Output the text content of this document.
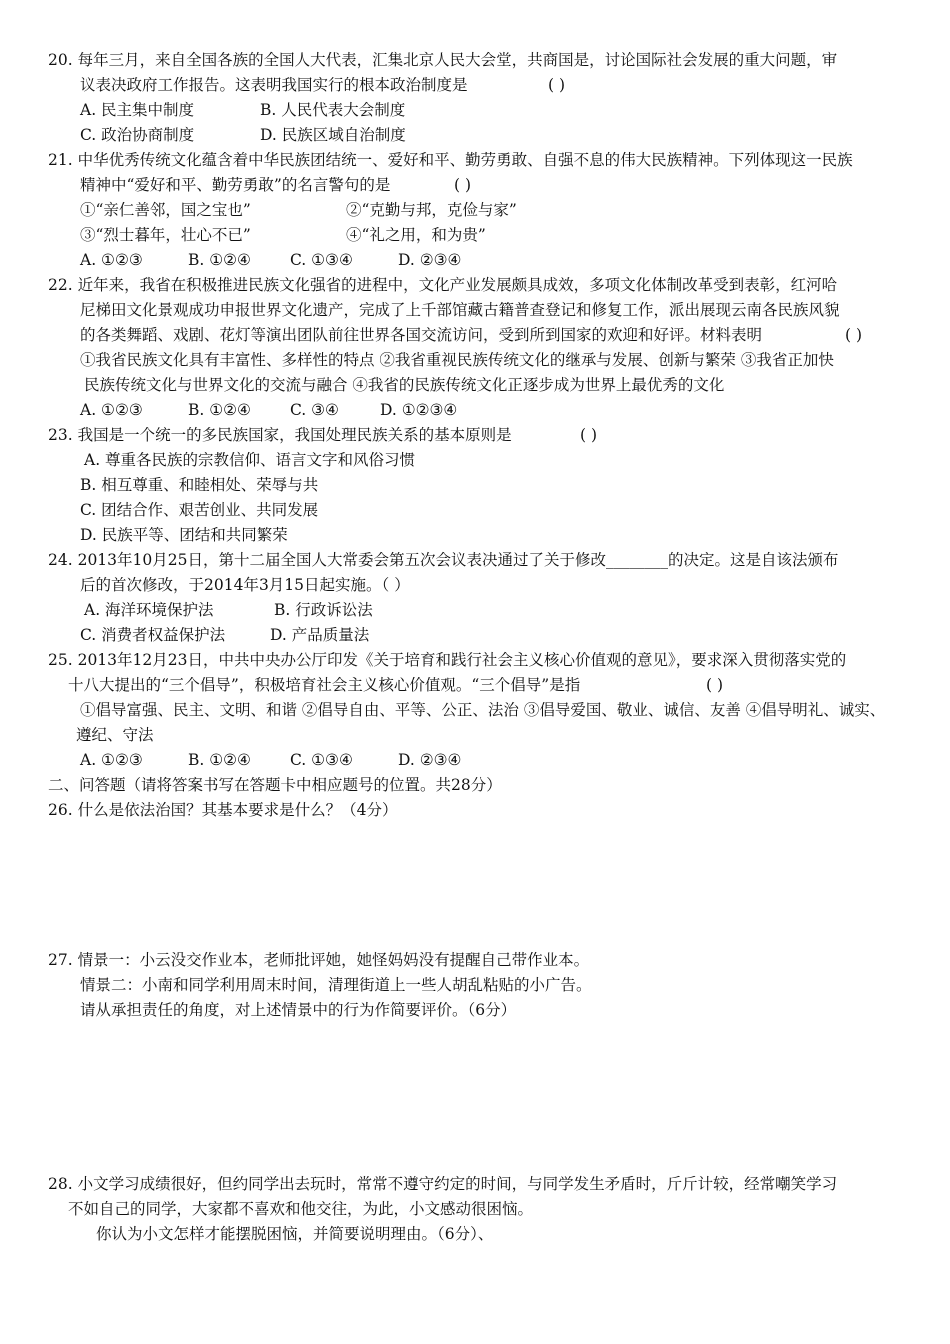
20. 每年三月，来自全国各族的全国人大代表，汇集北京人民大会堂，共商国是，讨论国际社会发展的重大问题，审
议表决政府工作报告。这表明我国实行的根本政治制度是	( )
A. 民主集中制度	B. 人民代表大会制度
C. 政治协商制度	D. 民族区域自治制度
21. 中华优秀传统文化蕴含着中华民族团结统一、爱好和平、勤劳勇敢、自强不息的伟大民族精神。下列体现这一民族
精神中“爱好和平、勤劳勇敢”的名言警句的是	( )
①“亲仁善邻，国之宝也”	②“克勤与邦，克俭与家”
③“烈士暮年，壮心不已”	④“礼之用，和为贵”
A. ①②③	B. ①②④	C. ①③④	D. ②③④
22. 近年来，我省在积极推进民族文化强省的进程中，文化产业发展颇具成效，多项文化体制改革受到表彰，红河哈
尼梯田文化景观成功申报世界文化遗产，完成了上千部馆藏古籍普查登记和修复工作，派出展现云南各民族风貌
的各类舞蹈、戏剧、花灯等演出团队前往世界各国交流访问，受到所到国家的欢迎和好评。材料表明	( )
①我省民族文化具有丰富性、多样性的特点 ②我省重视民族传统文化的继承与发展、创新与繁荣 ③我省正加快
民族传统文化与世界文化的交流与融合 ④我省的民族传统文化正逐步成为世界上最优秀的文化
A. ①②③	B. ①②④	C. ③④	D. ①②③④
23. 我国是一个统一的多民族国家，我国处理民族关系的基本原则是	( )
A. 尊重各民族的宗教信仰、语言文字和风俗习惯
B. 相互尊重、和睦相处、荣辱与共
C. 团结合作、艰苦创业、共同发展
D. 民族平等、团结和共同繁荣
24. 2013年10月25日，第十二届全国人大常委会第五次会议表决通过了关于修改________的决定。这是自该法颁布
后的首次修改，于2014年3月15日起实施。（ ）
A. 海洋环境保护法	B. 行政诉讼法
C. 消费者权益保护法	D. 产品质量法
25. 2013年12月23日，中共中央办公厅印发《关于培育和践行社会主义核心价值观的意见》，要求深入贯彻落实党的
十八大提出的“三个倡导”，积极培育社会主义核心价值观。“三个倡导”是指	( )
①倡导富强、民主、文明、和谐 ②倡导自由、平等、公正、法治 ③倡导爱国、敬业、诚信、友善 ④倡导明礼、诚实、
遵纪、守法
A. ①②③	B. ①②④	C. ①③④	D. ②③④
二、问答题（请将答案书写在答题卡中相应题号的位置。共28分）
26. 什么是依法治国？其基本要求是什么？（4分）
27. 情景一：小云没交作业本，老师批评她，她怪妈妈没有提醒自己带作业本。
情景二：小南和同学利用周末时间，清理街道上一些人胡乱粘贴的小广告。
请从承担责任的角度，对上述情景中的行为作简要评价。（6分）
28. 小文学习成绩很好，但约同学出去玩时，常常不遵守约定的时间，与同学发生矛盾时，斤斤计较，经常嘲笑学习
不如自己的同学，大家都不喜欢和他交往，为此，小文感动很困恼。
你认为小文怎样才能摆脱困恼，并简要说明理由。（6分）、
